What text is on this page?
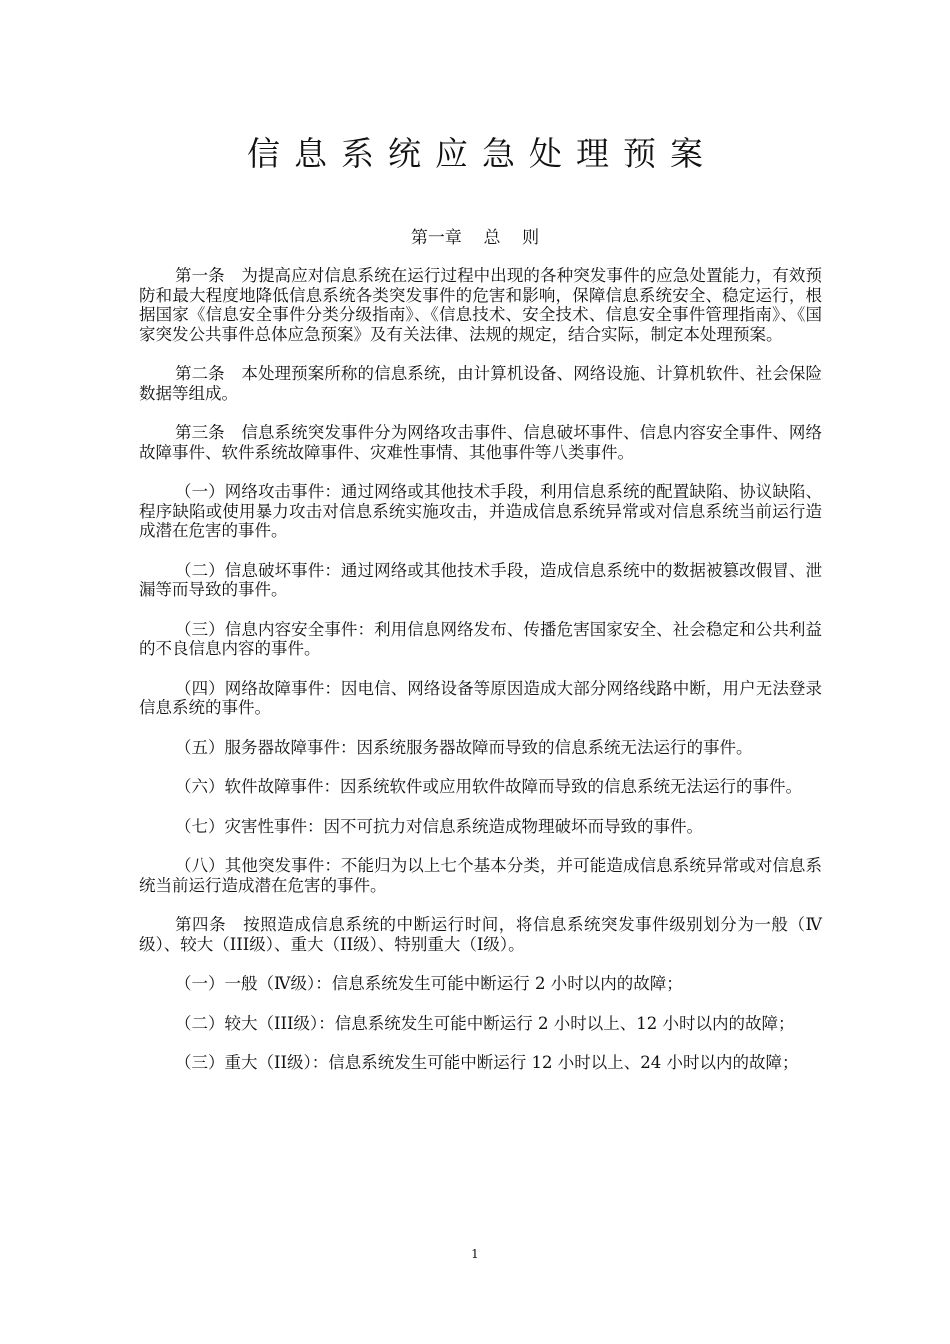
信息系统应急处理预案
第一章    总    则

第一条　为提高应对信息系统在运行过程中出现的各种突发事件的应急处置能力，有效预防和最大程度地降低信息系统各类突发事件的危害和影响，保障信息系统安全、稳定运行，根据国家《信息安全事件分类分级指南》、《信息技术、安全技术、信息安全事件管理指南》、《国家突发公共事件总体应急预案》及有关法律、法规的规定，结合实际，制定本处理预案。

第二条　本处理预案所称的信息系统，由计算机设备、网络设施、计算机软件、社会保险数据等组成。

第三条　信息系统突发事件分为网络攻击事件、信息破坏事件、信息内容安全事件、网络故障事件、软件系统故障事件、灾难性事情、其他事件等八类事件。

（一）网络攻击事件：通过网络或其他技术手段，利用信息系统的配置缺陷、协议缺陷、程序缺陷或使用暴力攻击对信息系统实施攻击，并造成信息系统异常或对信息系统当前运行造成潜在危害的事件。

（二）信息破坏事件：通过网络或其他技术手段，造成信息系统中的数据被篡改假冒、泄漏等而导致的事件。

（三）信息内容安全事件：利用信息网络发布、传播危害国家安全、社会稳定和公共利益的不良信息内容的事件。

（四）网络故障事件：因电信、网络设备等原因造成大部分网络线路中断，用户无法登录信息系统的事件。

（五）服务器故障事件：因系统服务器故障而导致的信息系统无法运行的事件。

（六）软件故障事件：因系统软件或应用软件故障而导致的信息系统无法运行的事件。

（七）灾害性事件：因不可抗力对信息系统造成物理破坏而导致的事件。

（八）其他突发事件：不能归为以上七个基本分类，并可能造成信息系统异常或对信息系统当前运行造成潜在危害的事件。

第四条　按照造成信息系统的中断运行时间，将信息系统突发事件级别划分为一般（Ⅳ级）、较大（III级）、重大（II级）、特别重大（I级）。

（一）一般（Ⅳ级）：信息系统发生可能中断运行 2 小时以内的故障；

（二）较大（III级）：信息系统发生可能中断运行 2 小时以上、12 小时以内的故障；

（三）重大（II级）：信息系统发生可能中断运行 12 小时以上、24 小时以内的故障；

1
